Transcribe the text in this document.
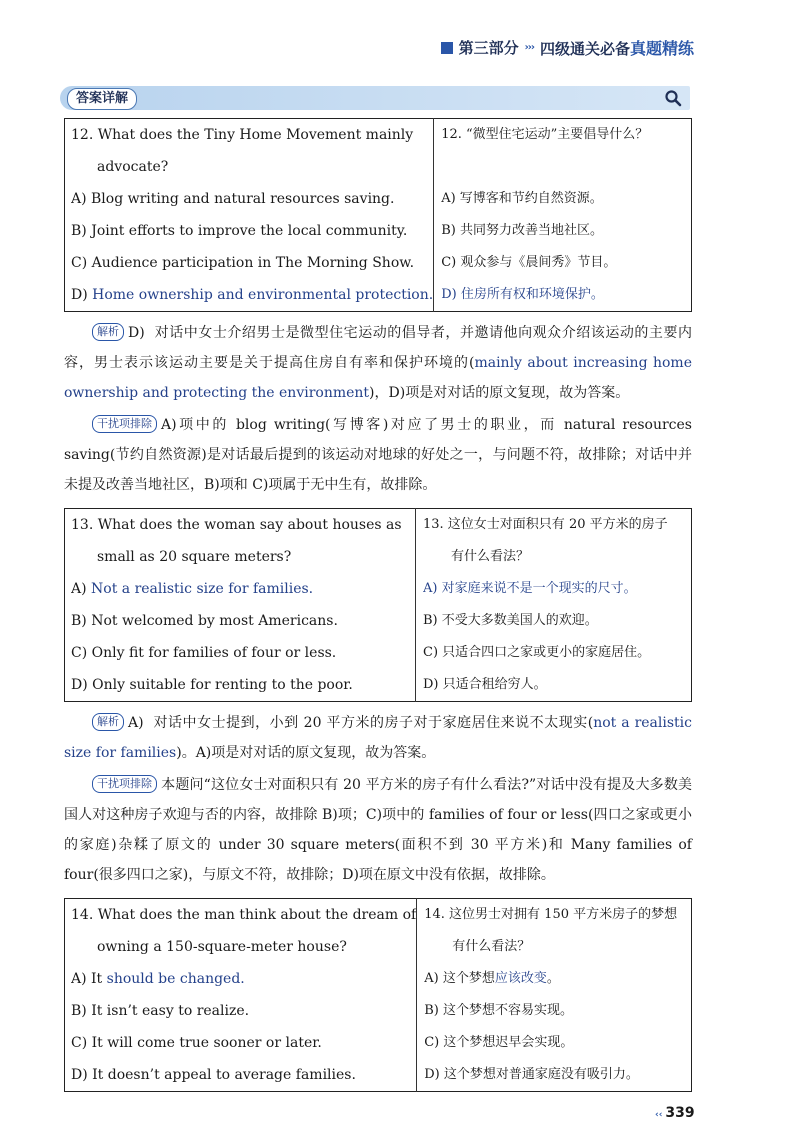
第三部分 ››› 四级通关必备真题精练
答案详解
12. What does the Tiny Home Movement mainly
advocate?
A) Blog writing and natural resources saving.
B) Joint efforts to improve the local community.
C) Audience participation in The Morning Show.
D) Home ownership and environmental protection.

12. “微型住宅运动”主要倡导什么？
A) 写博客和节约自然资源。
B) 共同努力改善当地社区。
C) 观众参与《晨间秀》节目。
D) 住房所有权和环境保护。

解析 D) 对话中女士介绍男士是微型住宅运动的倡导者，并邀请他向观众介绍该运动的主要内容，男士表示该运动主要是关于提高住房自有率和保护环境的(mainly about increasing home ownership and protecting the environment)，D)项是对对话的原文复现，故为答案。

干扰项排除 A)项中的 blog writing(写博客)对应了男士的职业，而 natural resources saving(节约自然资源)是对话最后提到的该运动对地球的好处之一，与问题不符，故排除；对话中并未提及改善当地社区，B)项和 C)项属于无中生有，故排除。

13. What does the woman say about houses as
small as 20 square meters?
A) Not a realistic size for families.
B) Not welcomed by most Americans.
C) Only fit for families of four or less.
D) Only suitable for renting to the poor.

13. 这位女士对面积只有 20 平方米的房子
有什么看法？
A) 对家庭来说不是一个现实的尺寸。
B) 不受大多数美国人的欢迎。
C) 只适合四口之家或更小的家庭居住。
D) 只适合租给穷人。

解析 A) 对话中女士提到，小到 20 平方米的房子对于家庭居住来说不太现实(not a realistic size for families)。A)项是对对话的原文复现，故为答案。

干扰项排除 本题问“这位女士对面积只有 20 平方米的房子有什么看法?”对话中没有提及大多数美国人对这种房子欢迎与否的内容，故排除 B)项；C)项中的 families of four or less(四口之家或更小的家庭)杂糅了原文的 under 30 square meters(面积不到 30 平方米)和 Many families of four(很多四口之家)，与原文不符，故排除；D)项在原文中没有依据，故排除。

14. What does the man think about the dream of
owning a 150-square-meter house?
A) It should be changed.
B) It isn’t easy to realize.
C) It will come true sooner or later.
D) It doesn’t appeal to average families.

14. 这位男士对拥有 150 平方米房子的梦想
有什么看法？
A) 这个梦想应该改变。
B) 这个梦想不容易实现。
C) 这个梦想迟早会实现。
D) 这个梦想对普通家庭没有吸引力。
‹‹ 339
